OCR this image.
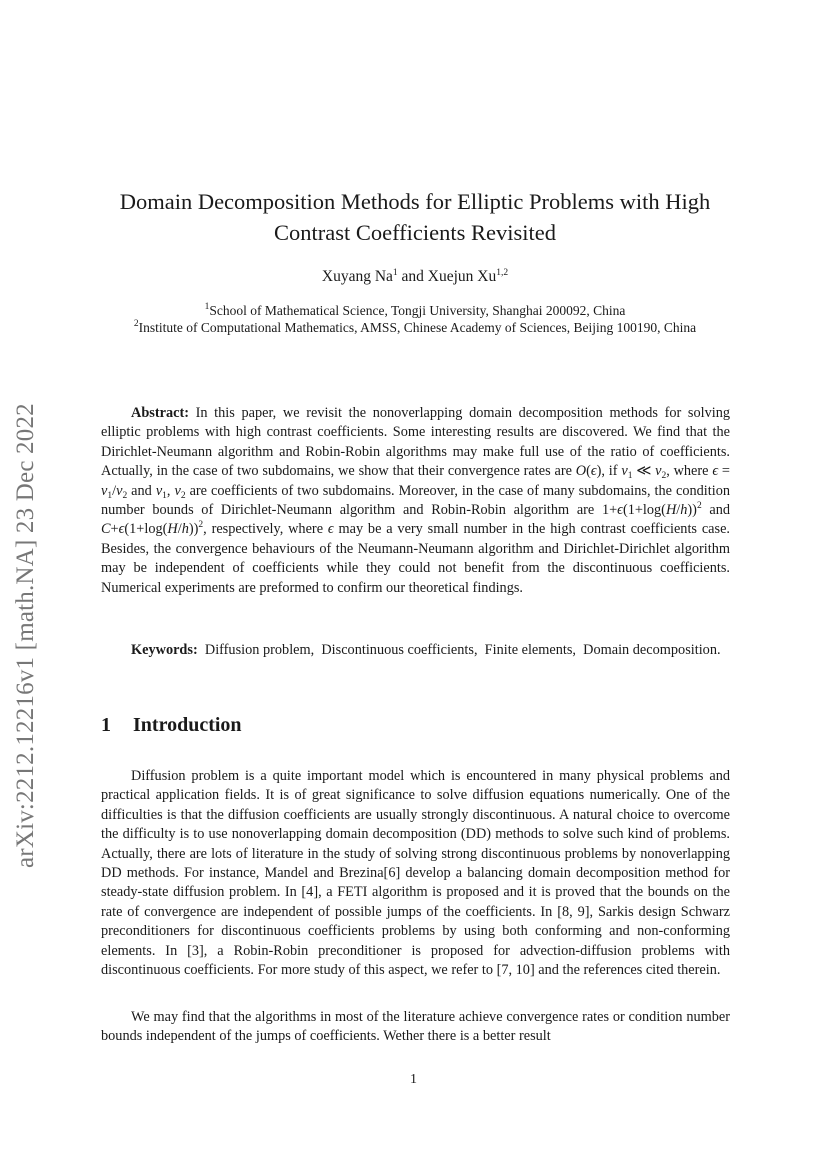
arXiv:2212.12216v1 [math.NA] 23 Dec 2022
Domain Decomposition Methods for Elliptic Problems with High
Contrast Coefficients Revisited
Xuyang Na$^1$ and Xuejun Xu$^{1,2}$
$^1$School of Mathematical Science, Tongji University, Shanghai 200092, China
$^2$Institute of Computational Mathematics, AMSS, Chinese Academy of Sciences, Beijing 100190, China

Abstract: In this paper, we revisit the nonoverlapping domain decomposition methods for solving elliptic problems with high contrast coefficients. Some interesting results are discovered. We find that the Dirichlet-Neumann algorithm and Robin-Robin algorithms may make full use of the ratio of coefficients. Actually, in the case of two subdomains, we show that their convergence rates are O(ϵ), if $\nu_1$ ≪ $\nu_2$, where $\epsilon = \nu_1/\nu_2$ and $\nu_1$, $\nu_2$ are coefficients of two subdomains. Moreover, in the case of many subdomains, the condition number bounds of Dirichlet-Neumann algorithm and Robin-Robin algorithm are $1+\epsilon(1+\log(H/h))^2$ and $C+\epsilon(1+\log(H/h))^2$, respectively, where ϵ may be a very small number in the high contrast coefficients case. Besides, the convergence behaviours of the Neumann-Neumann algorithm and Dirichlet-Dirichlet algorithm may be independent of coefficients while they could not benefit from the discontinuous coefficients. Numerical experiments are preformed to confirm our theoretical findings.

Keywords:  Diffusion problem,  Discontinuous coefficients,  Finite elements,  Domain decomposition.

1 Introduction

Diffusion problem is a quite important model which is encountered in many physical problems and practical application fields. It is of great significance to solve diffusion equations numerically. One of the difficulties is that the diffusion coefficients are usually strongly discontinuous. A natural choice to overcome the difficulty is to use nonoverlapping domain decomposition (DD) methods to solve such kind of problems. Actually, there are lots of literature in the study of solving strong discontinuous problems by nonoverlapping DD methods. For instance, Mandel and Brezina[6] develop a balancing domain decomposition method for steady-state diffusion problem. In [4], a FETI algorithm is proposed and it is proved that the bounds on the rate of convergence are independent of possible jumps of the coefficients. In [8, 9], Sarkis design Schwarz preconditioners for discontinuous coefficients problems by using both conforming and non-conforming elements. In [3], a Robin-Robin preconditioner is proposed for advection-diffusion problems with discontinuous coefficients. For more study of this aspect, we refer to [7, 10] and the references cited therein.

We may find that the algorithms in most of the literature achieve convergence rates or condition number bounds independent of the jumps of coefficients. Wether there is a better result

1
